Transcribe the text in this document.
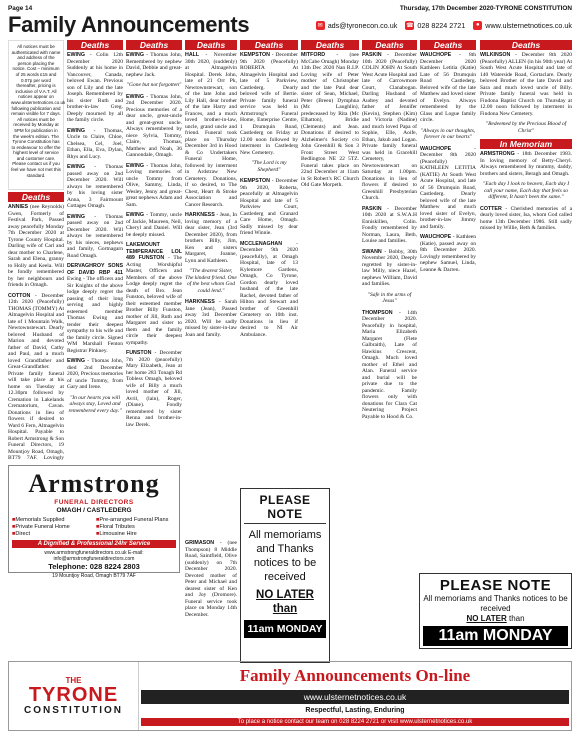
Page 14	Thursday, 17th December 2020-TYRONE CONSTITUTION
Family Announcements	✉ ads@tyronecon.co.uk ☎ 028 8224 2721	● www.ulsternetnotices.co.uk
All notices must be authenticated with name and address of the person placing the notice. Cost – minimum of 25 words £15 and 0.07p per word thereafter, pricing is inclusive of V.A.T. All notices appear on www.ulsternetnotices.co.uk following publication and remain visible for 7 days. All notices must be received by Monday at 5PM for publication in the week's edition. The Tyrone Constitution has to endeavour to offer the highest level of service and customer care. Please contact us if you feel we have not met this standard.
Deaths
ANNIES (nee Reynolds) Gwen, Formerly of Festival Park, Passed away peacefully Monday 7th December 2020 at Tyrone County Hospital. Darling wife of Carl and dear mother to Charlene, Sarah and Elena, granny to Holly and Keela. Will be fondly remembered by her neighbours and friends in Omagh.
COTTON - December 12th 2020 (Peacefully) THOMAS (TOMMY) At Altnagelvin Hospital and late of 1 Mountain Walk, Newtownstewart. Dearly beloved Husband of Marion and devoted father of David, Cathy and Paul, and a much loved Grandfather and Great-Grandfather. Private family funeral will take place at his home on Tuesday at 12.30pm followed by Cremation in Lakelands Crematorium, Cavan. Donations in lieu of flowers if desired to Ward 6 Fern, Altnagelvin Hospital. Payable to Robert Armstrong & Son Funeral Directors, 19 Mountjoy Road, Omagh, BT79 7AF. Lovingly
Deaths
EWING - Colin 12th December 2020 Suddenly at his home in Vancouver, Canada, beloved Ewan. Previous son of Lily and the late Joseph. Remembered by his sister Ruth and brother-in-law Greg. Deeply mourned by all the family circle.
EWING - Thomas, Uncle to Claire, Chloe, Chelsea, Cel, Joel, Ethan, Ella, Eva, Dylan, Rhys and Lucy.
EWING - Thomas passed away on 2nd December 2020. Will always be remembered by his loving sister Anna, 3 Fairmount Cottages Omagh.
EWING - Thomas passed away on 2nd December 2020. Will always be remembered by his nieces, nephews and family, Gortnagarn Road Omagh.
DERVAGHROY SONS OF DAVID RBP 411 Ewing - The officers and Sir Knights of the above lodge deeply regret the passing of their long serving and highly esteemed member Thomas Ewing and tender their deepest sympathy to his wife and the family circle. Signed WM Marshall Fenton Registrar Pinkney.
EWING - Thomas John, died 2nd December 2020, Precious memories of uncle Tommy, from Gary and Irene.
"In our hearts you will always stay, Loved and remembered every day."
Deaths
EWING - Thomas John, Remembered by nephew David, Debbie and great-nephew Jack.
"Gone but not forgotten"
EWING - Thomas John, 2nd December 2020. Precious memories of a dear uncle, great-uncle and great-great uncle. Always remembered by niece Sylvia, Tommy, Claire, Thomas, Matthew and Noah, 36 Gannondale, Omagh.
EWING - Thomas John, Loving memories of uncle Tommy from Olive, Sammy, Linda, Wesley, Jenny and great-great nephews Adam and Sam.
EWING - Tommy, uncle of Jackie, Maureen, Neil, Cheryl and Daniel. Will be deeply missed.
LAKEMOUNT TEMPERANCE LOL 489 FUNSTON - The Acting Worshipful Master, Officers and Members of the above Lodge deeply regret the death of Bro. Jean Funston, beloved wife of their esteemed member Brother Billy Funston, mother of Jill, Ruth and Margaret and sister to them and the family circle their deepest sympathy.
FUNSTON - December 7th 2020 (peacefully) Mary Elizabeth, Jean at her home 283 Tonagh Rd Tobless Omagh, beloved wife of Billy a much loved mother of Jill, Avril, (lain), Roger, (Diane). Fondly remembered by sister Renna and brother-in-law Derek.
GRIMASON - (nee Thompson) 8 Middle Road, Saintfield, Olive (suddenly) on 7th December 2020. Devoted mother of Peter and Michael and dearest sister of Ken and Joy (Dromore). Funeral service took place on Monday 14th December.
Deaths
HALL - November 30th 2020, (suddenly) at Altnagelvin Hospital. Derek John, late of 21 Orr Pk, Newtownstewart, son of the late John and Lily Hall, dear brother of the late Harry and Frances, and a much loved brother-in-law, uncle, grand uncle and friend. Funeral took place on Thursday December 3rd in Hood & Co Undertakers Funeral Home, followed by interment in Ardstraw New Cemetery. Donations, if so desired, to The Chest, Heart & Stroke Association and Cancer Research.
HARKNESS - Jean, In loving memory of a dear sister, Jean (3rd December 2020), from brothers Billy, Jim, Ken and sisters Margaret, Joanne, Lynn and Kathleen.
"The dearest Sister, The kindest friend. One of the best whom God could lend."
HARKNESS - Sarah Jane (Jean), Passed away 3rd December 2020. Will be sadly missed by sister-in-law Joan and family.
Deaths
KEMPSTON - December 9th 2020 (Peacefully) ROBERTA At Altnagelvin Hospital and late of 5 Parkview, Castlederg. Dearly beloved wife of Bertie. Private family funeral service was held in Armstrong's Funeral Home, Enterprise Centre, 1 Drumquin Road, Castlederg on Friday at 12.00 noon followed by interment in Castlederg New Cemetery.
"The Lord is my Shepherd"
KEMPSTON - December 9th 2020, Roberta, peacefully at Altnagelvin Hospital and late of 5 Parkview Court, Castlederg and Granard Care Home, Omagh. Sadly missed by dear friend Winnie.
MCCLENAGHAN	- December 9th 2020 (peacefully), at Omagh Hospital, late of 13 Kylemore Gardens, Omagh, Co Tyrone, Gordon dearly loved husband of the late Rachel, devoted father of Hilton and Stewart and brother of Greenhill Cemetery on 10th inst. Donations in lieu if desired to NI Air Ambulance.
Deaths
MITFORD - (nee McCabe Omagh) Monday 13th Dec 2020 Nan R.I.P. Loving wife of Peter mother of Christopher and the late Paul dear sister of Sean, Michael, Peter (Breen) Dymphna (Mc Laughlin), predeceased by Rita (Mc Elhatton), Bridie (Clements) and Jean. Donations if desired to Alzheimer's Society c/o John Greenhill & Son 3 Front Street West Bedlington NE 22 5TZ. Funeral takes place on 22nd December at 11am in St Robert's RC Church Old Gate Morpeth.
Deaths
PASKIN - December 10th 2020 (Peacefully) COLIN JOHN At South West Acute Hospital and late of Carrowmore Court, Clanabogan. Darling Husband of Audrey and devoted father of Jennifer (Kevin), Stephen (Kim) and Victoria (Nadine) and much loved Papa of Sophie, Elle, Aoife, Ethan, Jakub and Logan. Private family funeral was held in Gracehill Cemetery, Newtownstewart on Saturday at 1.00pm. Donations in lieu of flowers if desired to Greenhill Presbyterian Church.
PASKIN - December 10th 2020 at S.W.A.H Enniskillen, Colin. Fondly remembered by Norman, Laura, Beth, Louise and families.
SWANN - Bobby, 30th November 2020, Deeply regretted by sister-in-law Milly, niece Hazel, nephews William, David and families.
"Safe in the arms of Jesus"
THOMPSON - 14th December 2020. Peacefully in hospital, Maria Elizabeth Margaret (Flete Galbraith), Late of Hawkins Crescent, Omagh. Much loved mother of Ethel and Alan. Funeral service and burial will be private due to the pandemic. Family flowers only with donations for Clara Cat Neutering Project Payable to Hood & Co.
Deaths
WAUCHOPE - 8th December 2020 Kathleen Letitia (Katie) Late of 56 Drumquin Road Castlederg. Beloved wife of the late Matthew and loved sister of Evelyn. Always remembered by the Glass and Logue family circle.
"Always in our thoughts, forever in our hearts"
WAUCHOPE	- December 8th 2020 (Peacefully) KATHLEEN LETITIA (KATIE) At South West Acute Hospital, and late of 56 Drumquin Road, Castlederg. Dearly beloved wife of the late Matthew and much loved sister of Evelyn, brother-in-law Jimmy and family.
WAUCHOPE - Kathleen (Katie), passed away on 8th December 2020. Lovingly remembered by nephew Samuel, Linda, Leanne & Darren.
Deaths
WILKINSON - December 8th 2020 (Peacefully) ALLEN (in his 90th year) At South West Acute Hospital and late of 140 Waterside Road, Gortaclare. Dearly beloved Brother of the late David and Sara and much loved uncle of Billy. Private family funeral was held in Findona Baptist Church on Thursday at 12.00 noon followed by interment in Findona New Cemetery.
"Redeemed by the Precious Blood of Christ"
In Memoriam
ARMSTRONG - 18th December 1983. In loving memory of Betty-Cheryl. Always remembered by mummy, daddy, brothers and sisters, Beragh and Omagh.
"Each day I look to heaven, Each day I call your name, Each day that feels so different, It hasn't been the same."
COTTER - Cherished memories of a dearly loved sister, Isa, whom God called home 13th December 1986. Still sadly missed by Willie, Beth & families.
Armstrong
FUNERAL DIRECTORS
OMAGH / CASTLEDERG
■ Memorials Supplied	■ Pre-arranged Funeral Plans
■ Private Funeral Home	■ Floral Tributes
■ Direct	■ Limousine Hire
A Dignified & Professional 24hr Service
www.armstrongfuneraldirectors.co.uk E-mail: info@armstrongfuneraldirectors.com
Telephone: 028 8224 2803
19 Mountjoy Road, Omagh BT79 7AF
PLEASE NOTE
All memoriams and Thanks notices to be received
NO LATER than
11am MONDAY
PLEASE NOTE
All memoriams and Thanks notices to be received
NO LATER than
11am MONDAY
THE
TYRONE
CONSTITUTION
Family Announcements On-line
www.ulsternetnotices.co.uk
Respectful, Lasting, Enduring
To place a notice contact our team on 028 8224 2721 or visit www.ulsternetnotices.co.uk
